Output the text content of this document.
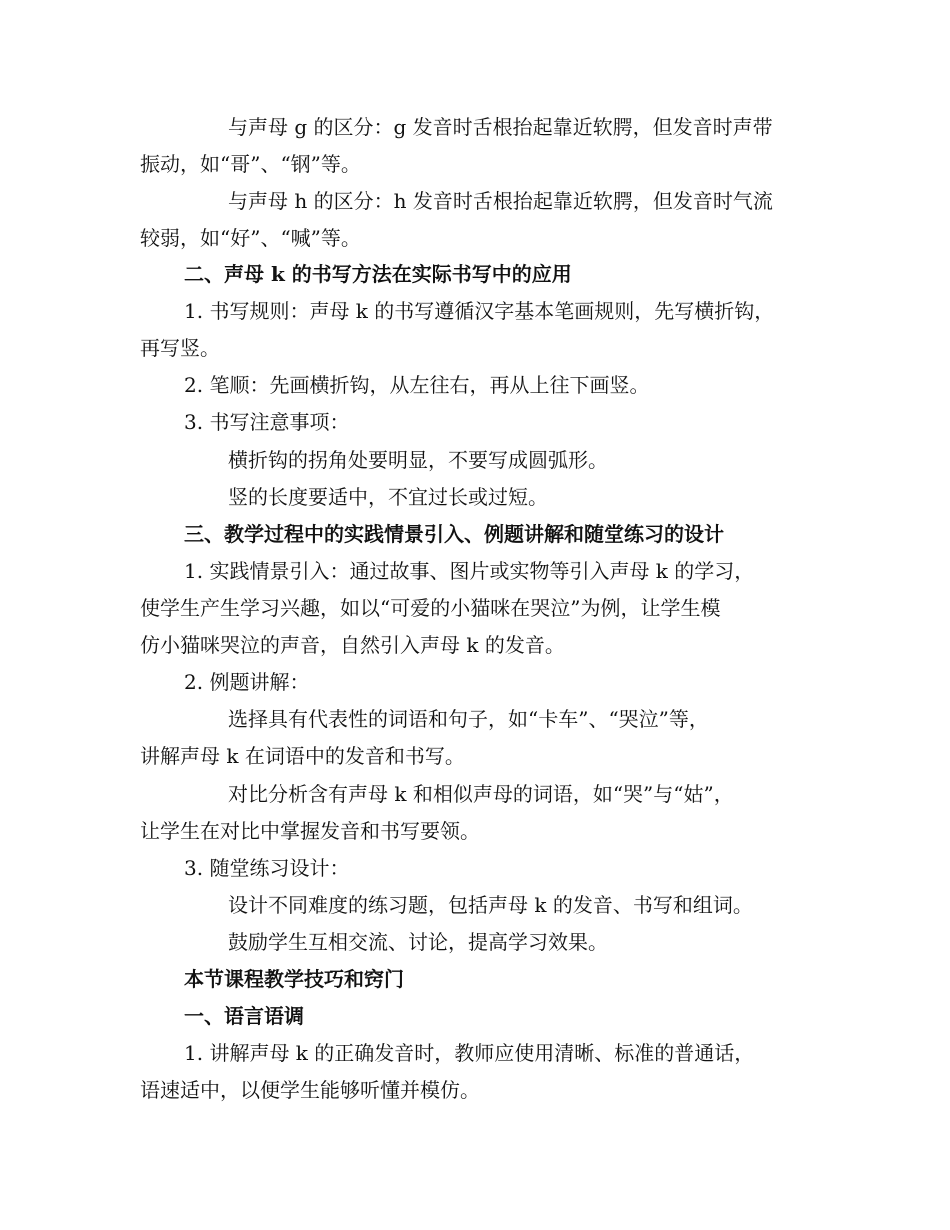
与声母 g 的区分：g 发音时舌根抬起靠近软腭，但发音时声带
振动，如“哥”、“钢”等。
与声母 h 的区分：h 发音时舌根抬起靠近软腭，但发音时气流
较弱，如“好”、“喊”等。
二、声母 k 的书写方法在实际书写中的应用
1. 书写规则：声母 k 的书写遵循汉字基本笔画规则，先写横折钩，
再写竖。
2. 笔顺：先画横折钩，从左往右，再从上往下画竖。
3. 书写注意事项：
横折钩的拐角处要明显，不要写成圆弧形。
竖的长度要适中，不宜过长或过短。
三、教学过程中的实践情景引入、例题讲解和随堂练习的设计
1. 实践情景引入：通过故事、图片或实物等引入声母 k 的学习，
使学生产生学习兴趣，如以“可爱的小猫咪在哭泣”为例，让学生模
仿小猫咪哭泣的声音，自然引入声母 k 的发音。
2. 例题讲解：
选择具有代表性的词语和句子，如“卡车”、“哭泣”等，
讲解声母 k 在词语中的发音和书写。
对比分析含有声母 k 和相似声母的词语，如“哭”与“姑”，
让学生在对比中掌握发音和书写要领。
3. 随堂练习设计：
设计不同难度的练习题，包括声母 k 的发音、书写和组词。
鼓励学生互相交流、讨论，提高学习效果。
本节课程教学技巧和窍门
一、语言语调
1. 讲解声母 k 的正确发音时，教师应使用清晰、标准的普通话，
语速适中，以便学生能够听懂并模仿。
